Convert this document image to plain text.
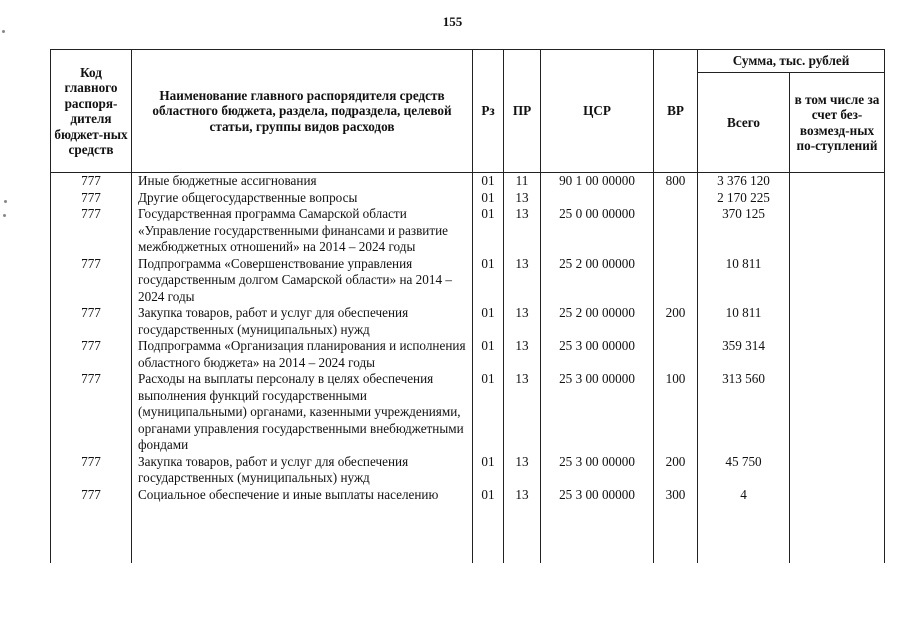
155
Код главного распоря-дителя бюджет-ных средств	Наименование главного распорядителя средств областного бюджета, раздела, подраздела, целевой статьи, группы видов расходов	Рз	ПР	ЦСР	ВР	Сумма, тыс. рублей	
						Всего	в том числе за счет без-возмезд-ных по-ступлений
777	Иные бюджетные ассигнования	01	11	90 1 00 00000	800	3 376 120	
777	Другие общегосударственные вопросы	01	13			2 170 225	
777	Государственная программа Самарской области «Управление государственными финансами и развитие межбюджетных отношений» на 2014 – 2024 годы	01	13	25 0 00 00000		370 125	
777	Подпрограмма «Совершенствование управления государственным долгом Самарской области» на 2014 – 2024 годы	01	13	25 2 00 00000		10 811	
777	Закупка товаров, работ и услуг для обеспечения государственных (муниципальных) нужд	01	13	25 2 00 00000	200	10 811	
777	Подпрограмма «Организация планирования и исполнения областного бюджета» на 2014 – 2024 годы	01	13	25 3 00 00000		359 314	
777	Расходы на выплаты персоналу в целях обеспечения выполнения функций государственными (муниципальными) органами, казенными учреждениями, органами управления государственными внебюджетными фондами	01	13	25 3 00 00000	100	313 560	
777	Закупка товаров, работ и услуг для обеспечения государственных (муниципальных) нужд	01	13	25 3 00 00000	200	45 750	
777	Социальное обеспечение и иные выплаты населению	01	13	25 3 00 00000	300	4	
